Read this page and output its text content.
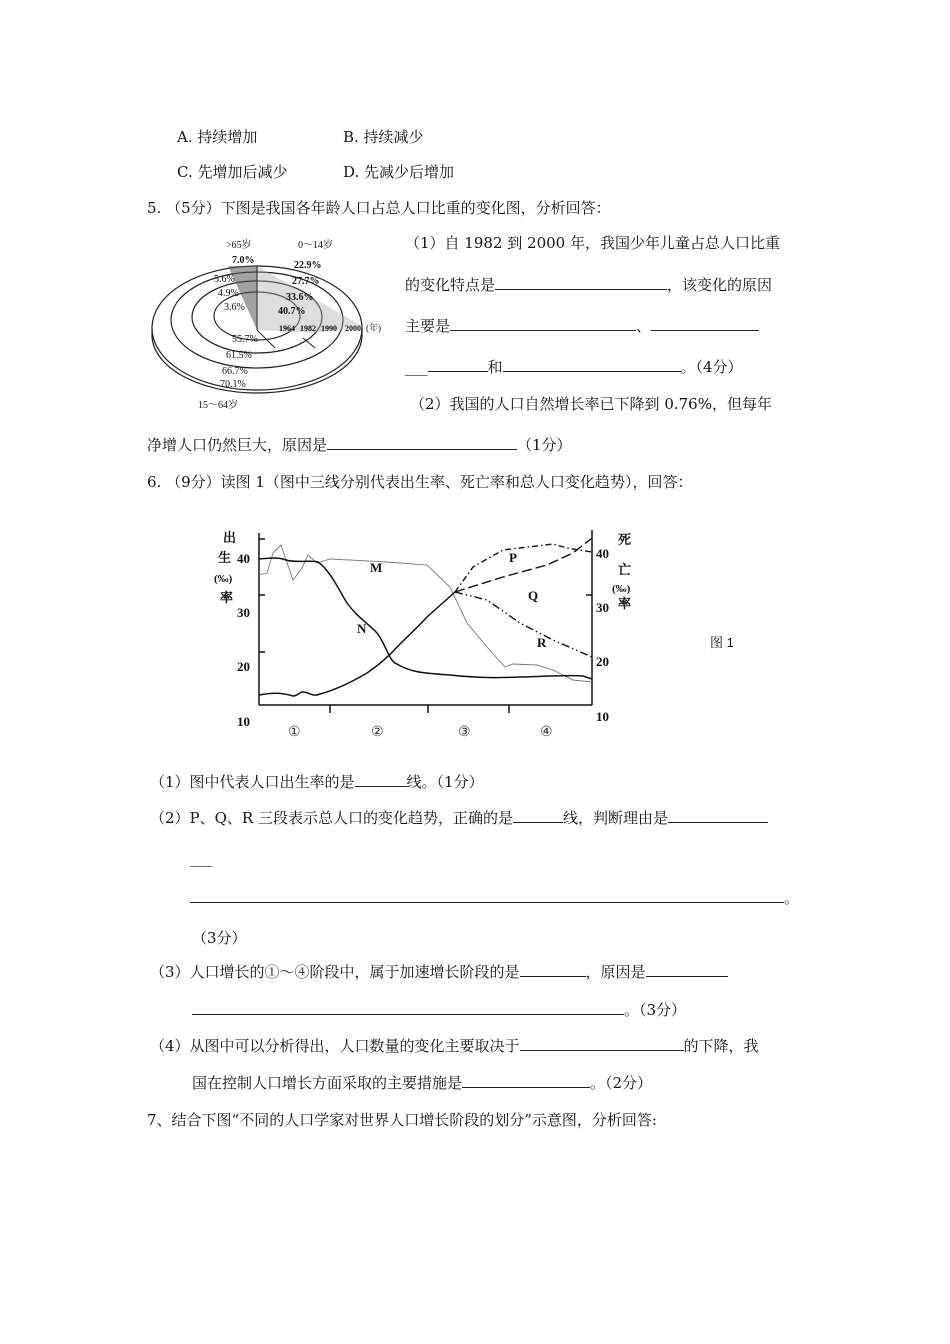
A. 持续增加	B. 持续减少
C. 先增加后减少	D. 先减少后增加
5. （5分）下图是我国各年龄人口占总人口比重的变化图，分析回答：
>65岁	0～14岁
15～64岁
7.0%
5.6%
4.9%
3.6%
22.9%
27.7%
33.6%
40.7%
55.7%
61.5%
66.7%
70.1%
1964 1982 1990 2000 (年)
（1）自 1982 到 2000 年，我国少年儿童占总人口比重
的变化特点是	，该变化的原因
主要是	、
___	和	。（4分）
（2）我国的人口自然增长率已下降到 0.76%，但每年
净增人口仍然巨大，原因是	（1分）
6. （9分）读图 1（图中三线分别代表出生率、死亡率和总人口变化趋势），回答：
出
生
(‰)
率
死
亡
(‰)
率
40
30
20
10
40
30
20
10
M
N
P
Q
R
①	②	③	④
图 1
（1）图中代表人口出生率的是	线。（1分）
（2）P、Q、R 三段表示总人口的变化趋势，正确的是	线，判断理由是
___
。
（3分）
（3）人口增长的①～④阶段中，属于加速增长阶段的是	，原因是
。（3分）
（4）从图中可以分析得出，人口数量的变化主要取决于	的下降，我
国在控制人口增长方面采取的主要措施是	。（2分）
7、结合下图“不同的人口学家对世界人口增长阶段的划分”示意图，分析回答:
